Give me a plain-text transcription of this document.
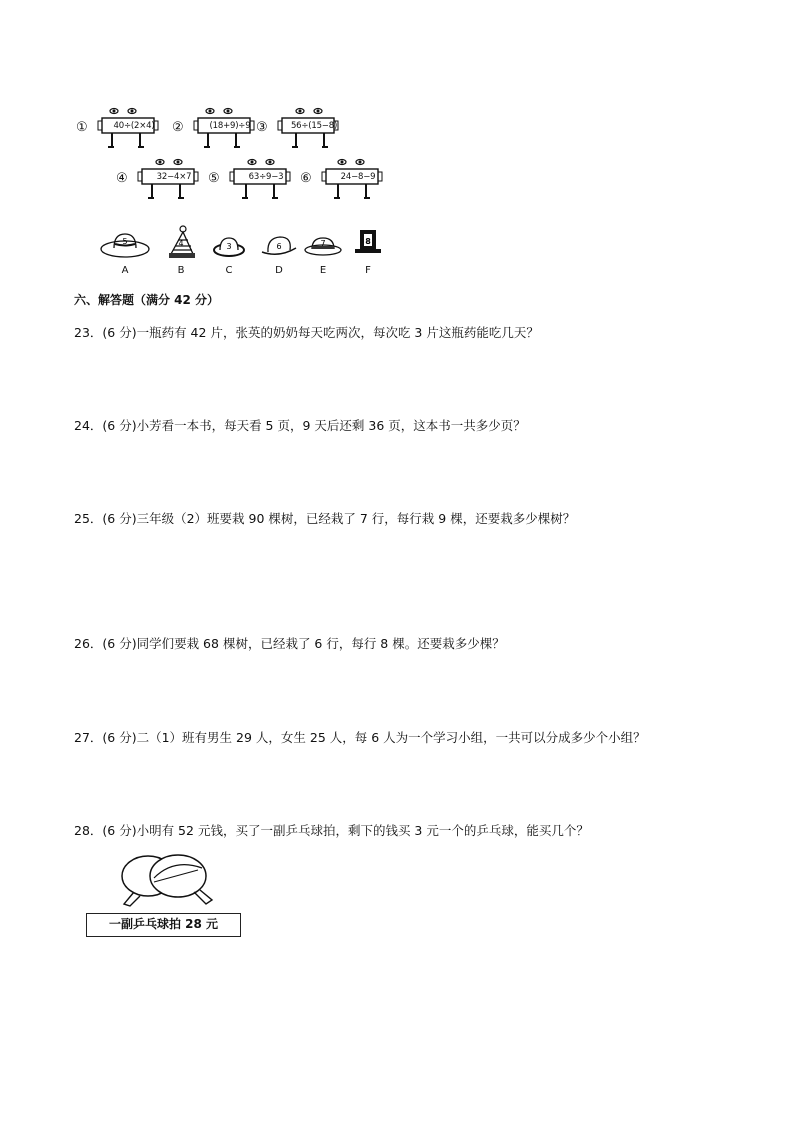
①	40÷(2×4)	②	(18+9)÷9 ③	56÷(15−8)
④	32−4×7	⑤	63÷9−3	⑥	24−8−9
5
A
4
B
3
C
6
D
7
E
8
F
六、解答题（满分 42 分）
23．(6 分)一瓶药有 42 片，张英的奶奶每天吃两次，每次吃 3 片这瓶药能吃几天？
24．(6 分)小芳看一本书，每天看 5 页，9 天后还剩 36 页，这本书一共多少页？
25．(6 分)三年级（2）班要栽 90 棵树，已经栽了 7 行，每行栽 9 棵，还要栽多少棵树？
26．(6 分)同学们要栽 68 棵树，已经栽了 6 行，每行 8 棵。还要栽多少棵？
27．(6 分)二（1）班有男生 29 人，女生 25 人，每 6 人为一个学习小组，一共可以分成多少个小组？
28．(6 分)小明有 52 元钱，买了一副乒乓球拍，剩下的钱买 3 元一个的乒乓球，能买几个？
一副乒乓球拍 28 元
